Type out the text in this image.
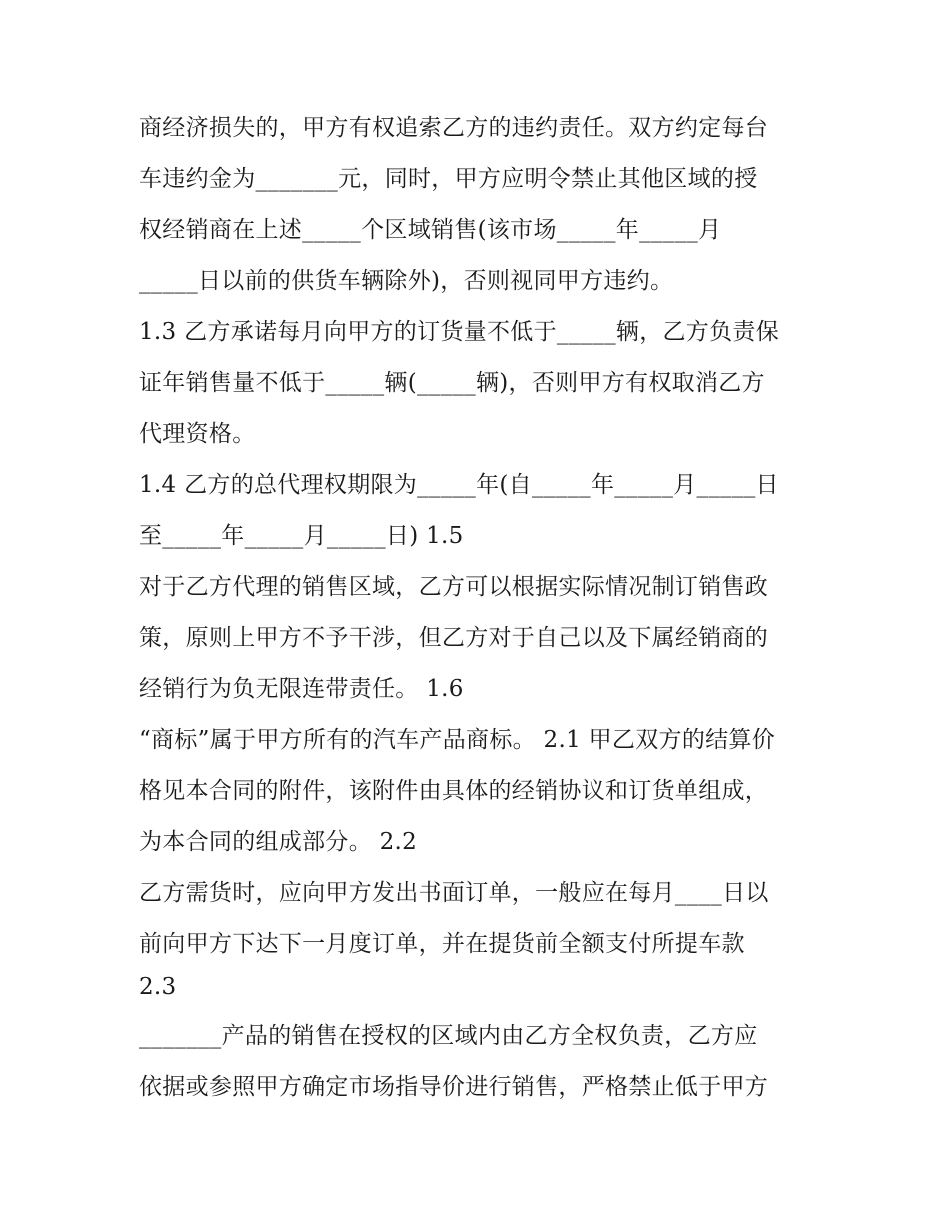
商经济损失的，甲方有权追索乙方的违约责任。双方约定每台

车违约金为_______元，同时，甲方应明令禁止其他区域的授

权经销商在上述_____个区域销售(该市场_____年_____月

_____日以前的供货车辆除外)，否则视同甲方违约。

1.3 乙方承诺每月向甲方的订货量不低于_____辆，乙方负责保

证年销售量不低于_____辆(_____辆)，否则甲方有权取消乙方

代理资格。

1.4 乙方的总代理权期限为_____年(自_____年_____月_____日

至_____年_____月_____日) 1.5

对于乙方代理的销售区域，乙方可以根据实际情况制订销售政

策，原则上甲方不予干涉，但乙方对于自己以及下属经销商的

经销行为负无限连带责任。 1.6

“商标”属于甲方所有的汽车产品商标。 2.1 甲乙双方的结算价

格见本合同的附件，该附件由具体的经销协议和订货单组成，

为本合同的组成部分。 2.2

乙方需货时，应向甲方发出书面订单，一般应在每月____日以

前向甲方下达下一月度订单，并在提货前全额支付所提车款

2.3

_______产品的销售在授权的区域内由乙方全权负责，乙方应

依据或参照甲方确定市场指导价进行销售，严格禁止低于甲方
